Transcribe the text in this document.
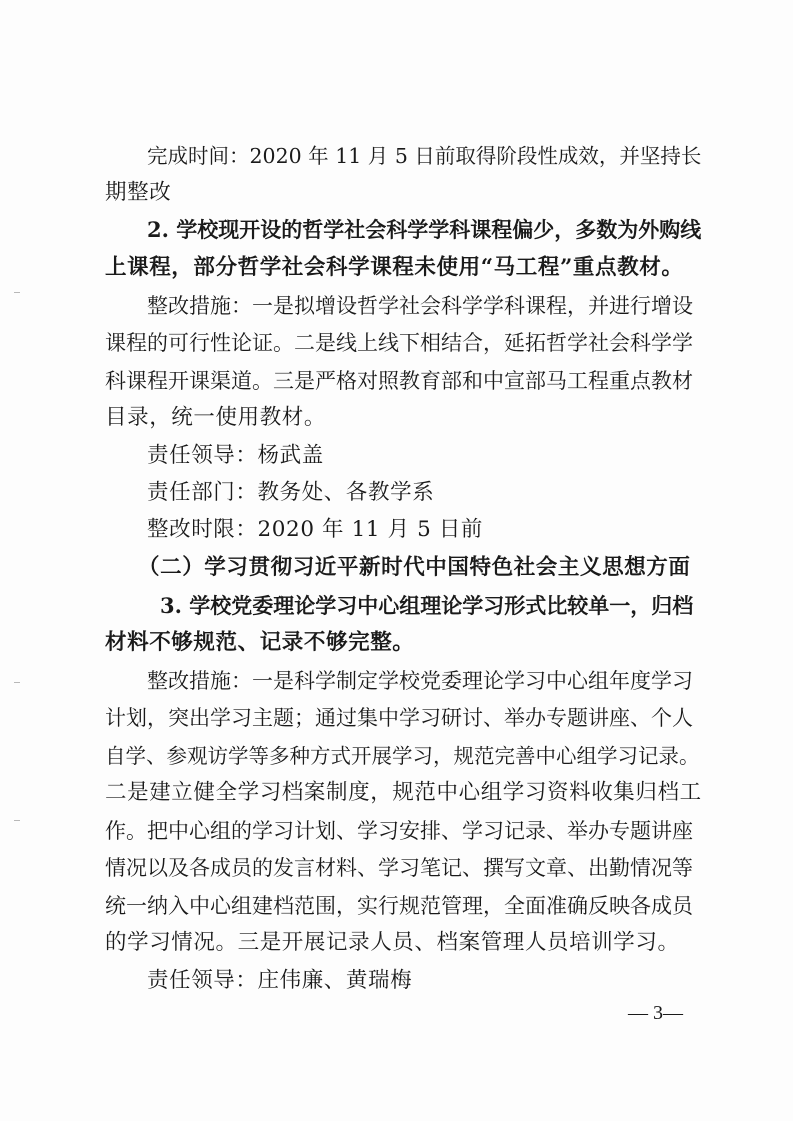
完成时间：2020 年 11 月 5 日前取得阶段性成效，并坚持长
期整改
2. 学校现开设的哲学社会科学学科课程偏少，多数为外购线
上课程，部分哲学社会科学课程未使用“马工程”重点教材。
整改措施：一是拟增设哲学社会科学学科课程，并进行增设
课程的可行性论证。二是线上线下相结合，延拓哲学社会科学学
科课程开课渠道。三是严格对照教育部和中宣部马工程重点教材
目录，统一使用教材。
责任领导：杨武盖
责任部门：教务处、各教学系
整改时限：2020 年 11 月 5 日前
（二）学习贯彻习近平新时代中国特色社会主义思想方面
3. 学校党委理论学习中心组理论学习形式比较单一，归档
材料不够规范、记录不够完整。
整改措施：一是科学制定学校党委理论学习中心组年度学习
计划，突出学习主题；通过集中学习研讨、举办专题讲座、个人
自学、参观访学等多种方式开展学习，规范完善中心组学习记录。
二是建立健全学习档案制度，规范中心组学习资料收集归档工
作。把中心组的学习计划、学习安排、学习记录、举办专题讲座
情况以及各成员的发言材料、学习笔记、撰写文章、出勤情况等
统一纳入中心组建档范围，实行规范管理，全面准确反映各成员
的学习情况。三是开展记录人员、档案管理人员培训学习。
责任领导：庄伟廉、黄瑞梅
— 3—
